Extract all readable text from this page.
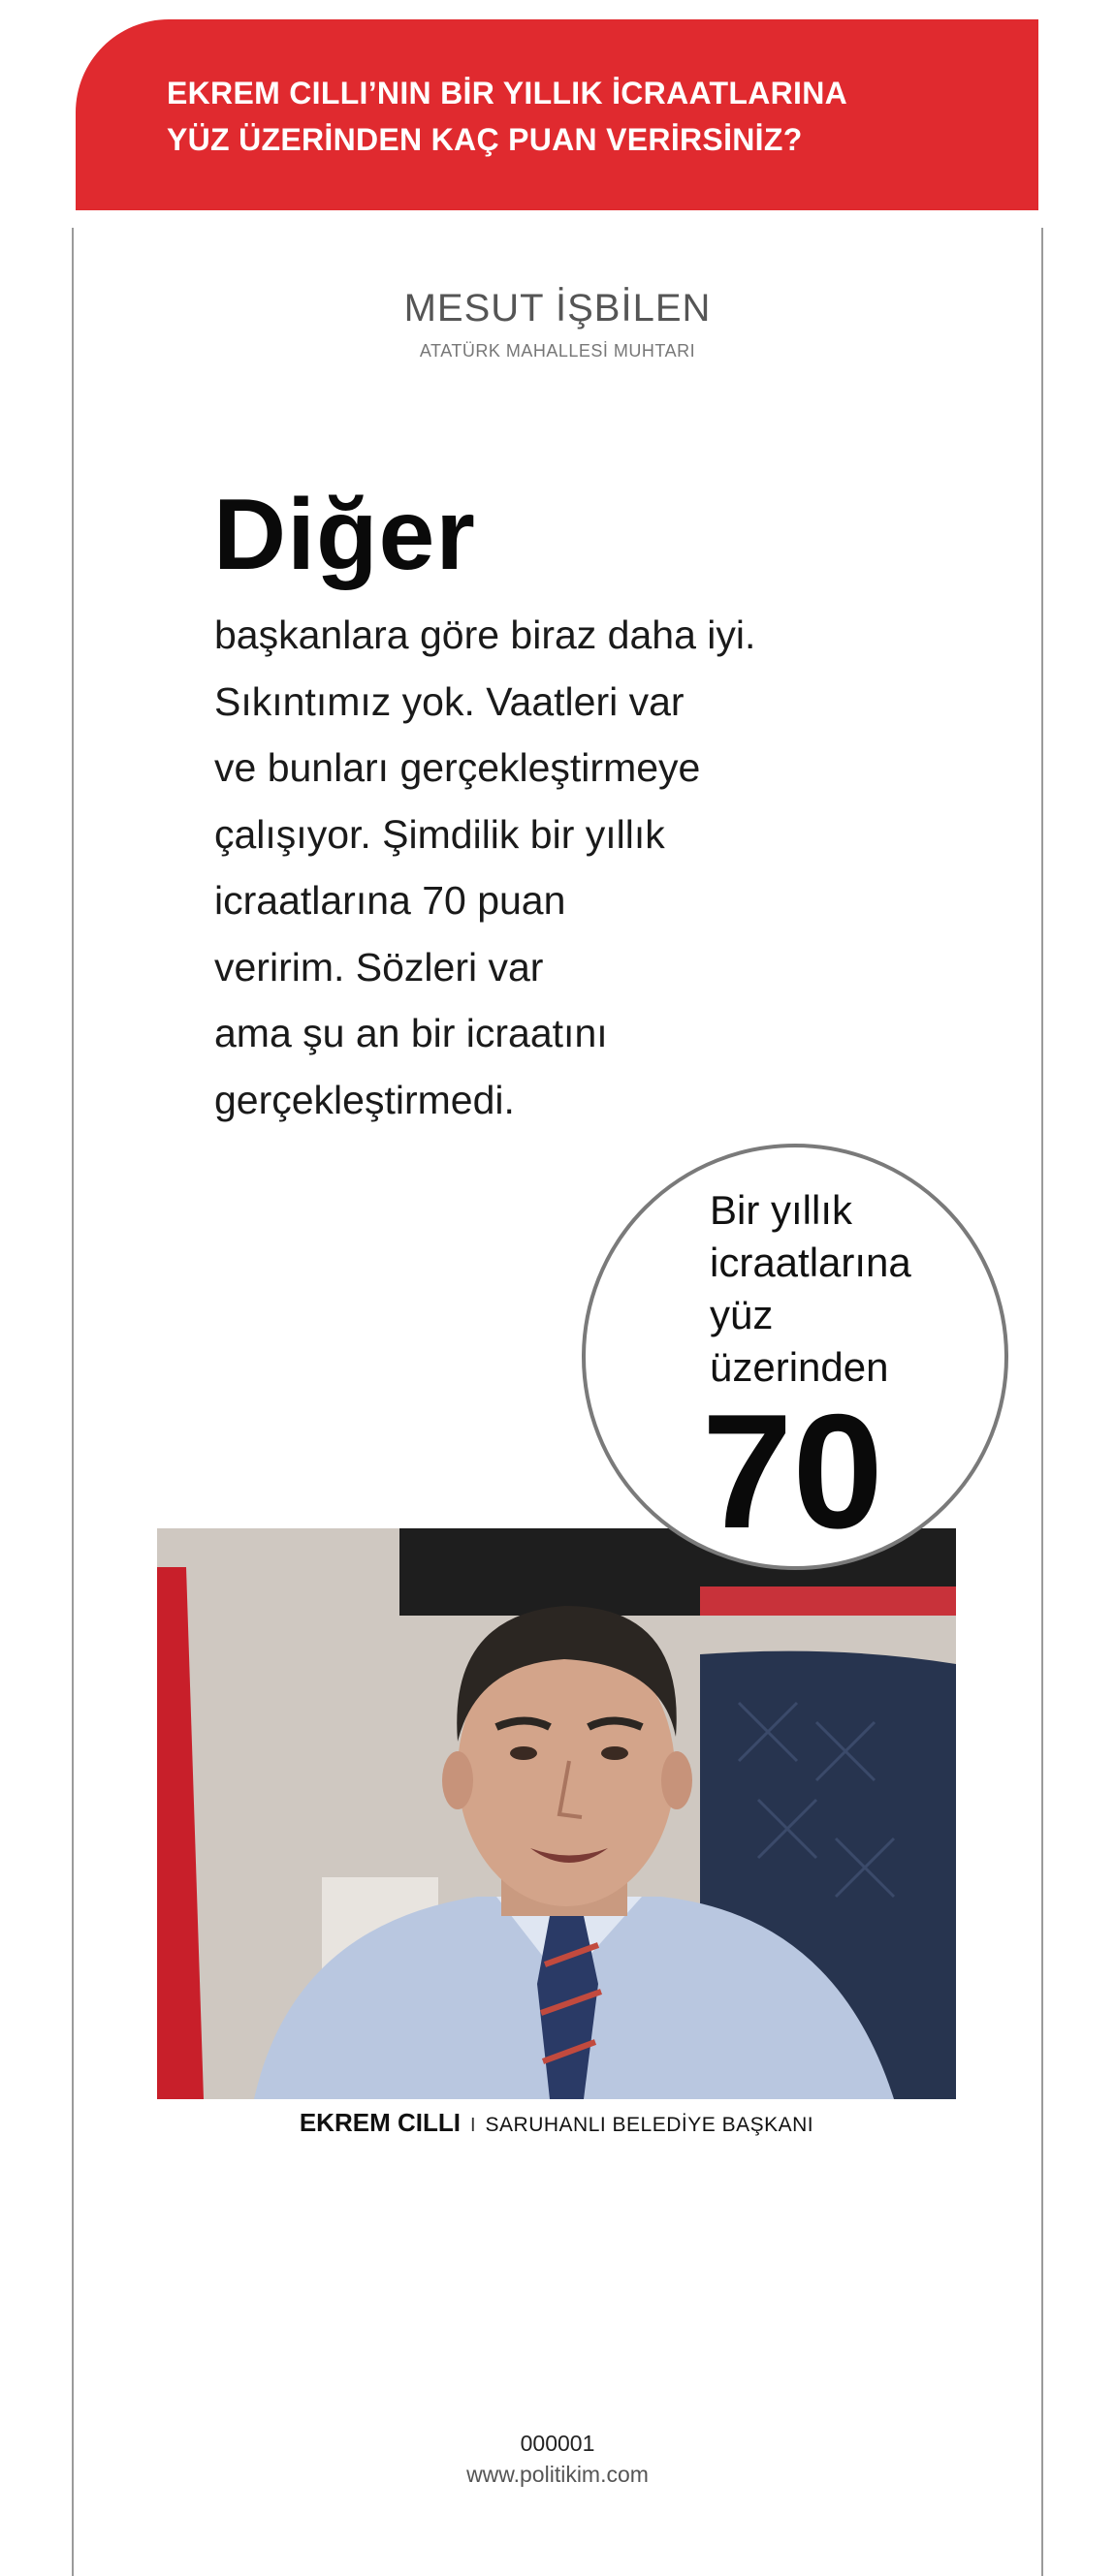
EKREM CILLI’NIN BİR YILLIK İCRAATLARINA
YÜZ ÜZERİNDEN KAÇ PUAN VERİRSİNİZ?
MESUT İŞBİLEN
ATATÜRK MAHALLESİ MUHTARI
Diğer
başkanlara göre biraz daha iyi.
Sıkıntımız yok. Vaatleri var
ve bunları gerçekleştirmeye
çalışıyor. Şimdilik bir yıllık
icraatlarına 70 puan
veririm. Sözleri var
ama şu an bir icraatını
gerçekleştirmedi.
Bir yıllık
icraatlarına
yüz
üzerinden
70
EKREM CILLI I SARUHANLI BELEDİYE BAŞKANI
000001
www.politikim.com
